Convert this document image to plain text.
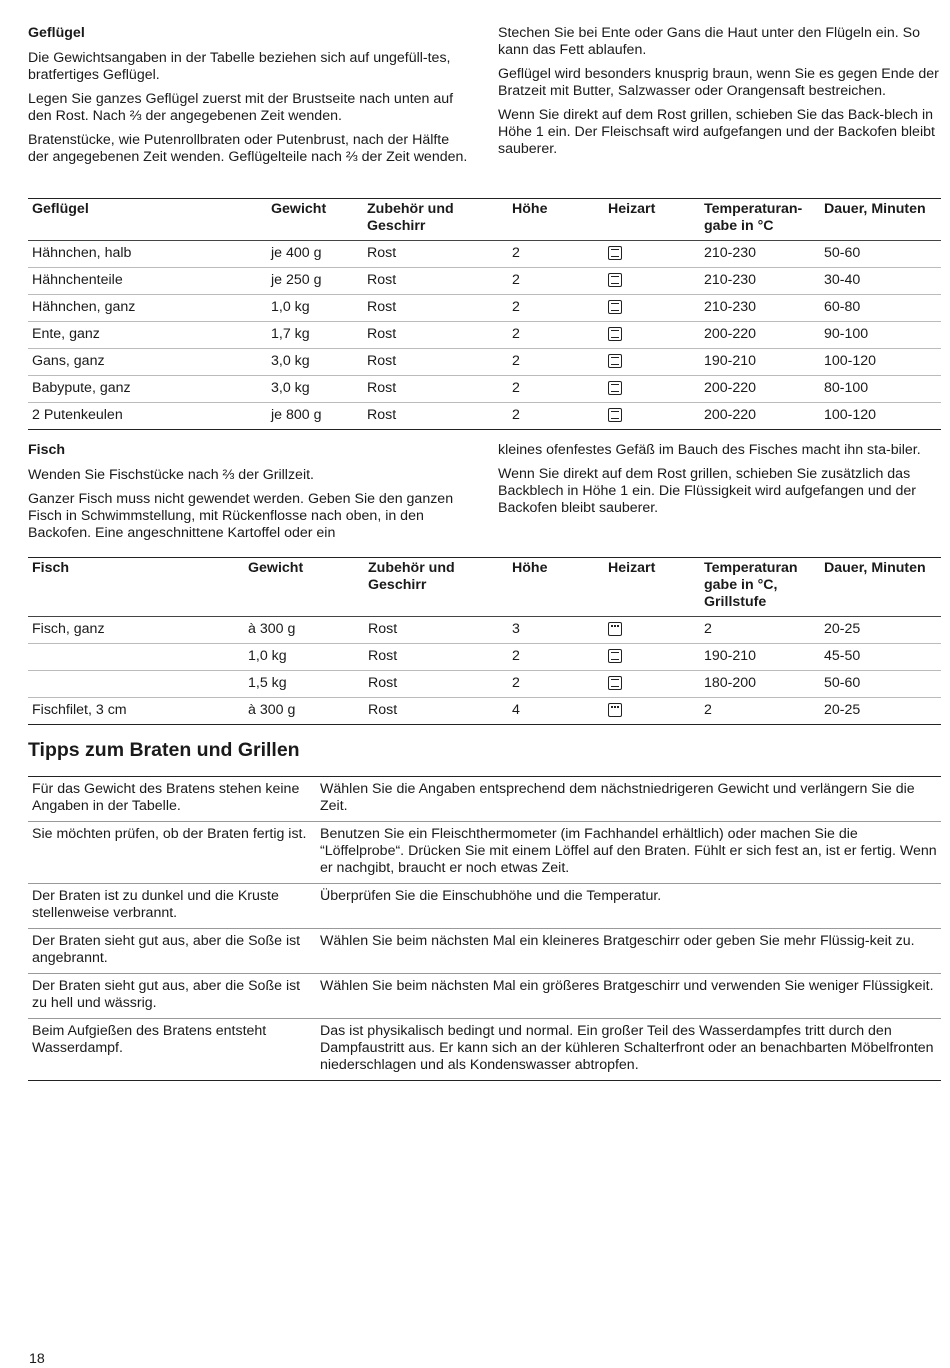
Geflügel

Die Gewichtsangaben in der Tabelle beziehen sich auf ungefüll-tes, bratfertiges Geflügel.

Legen Sie ganzes Geflügel zuerst mit der Brustseite nach unten auf den Rost. Nach ⅔ der angegebenen Zeit wenden.

Bratenstücke, wie Putenrollbraten oder Putenbrust, nach der Hälfte der angegebenen Zeit wenden. Geflügelteile nach ⅔ der Zeit wenden.

Stechen Sie bei Ente oder Gans die Haut unter den Flügeln ein. So kann das Fett ablaufen.

Geflügel wird besonders knusprig braun, wenn Sie es gegen Ende der Bratzeit mit Butter, Salzwasser oder Orangensaft bestreichen.

Wenn Sie direkt auf dem Rost grillen, schieben Sie das Back-blech in Höhe 1 ein. Der Fleischsaft wird aufgefangen und der Backofen bleibt sauberer.

Geflügel	Gewicht	Zubehör und Geschirr	Höhe	Heizart	Temperaturan-gabe in °C	Dauer, Minuten
Hähnchen, halb	je 400 g	Rost	2		210-230	50-60
Hähnchenteile	je 250 g	Rost	2		210-230	30-40
Hähnchen, ganz	1,0 kg	Rost	2		210-230	60-80
Ente, ganz	1,7 kg	Rost	2		200-220	90-100
Gans, ganz	3,0 kg	Rost	2		190-210	100-120
Babypute, ganz	3,0 kg	Rost	2		200-220	80-100
2 Putenkeulen	je 800 g	Rost	2		200-220	100-120

Fisch

Wenden Sie Fischstücke nach ⅔ der Grillzeit.

Ganzer Fisch muss nicht gewendet werden. Geben Sie den ganzen Fisch in Schwimmstellung, mit Rückenflosse nach oben, in den Backofen. Eine angeschnittene Kartoffel oder ein

kleines ofenfestes Gefäß im Bauch des Fisches macht ihn sta-biler.

Wenn Sie direkt auf dem Rost grillen, schieben Sie zusätzlich das Backblech in Höhe 1 ein. Die Flüssigkeit wird aufgefangen und der Backofen bleibt sauberer.

Fisch	Gewicht	Zubehör und Geschirr	Höhe	Heizart	Temperaturan gabe in °C, Grillstufe	Dauer, Minuten
Fisch, ganz	à 300 g	Rost	3		2	20-25
	1,0 kg	Rost	2		190-210	45-50
	1,5 kg	Rost	2		180-200	50-60
Fischfilet, 3 cm	à 300 g	Rost	4		2	20-25
Tipps zum Braten und Grillen
Für das Gewicht des Bratens stehen keine Angaben in der Tabelle.	Wählen Sie die Angaben entsprechend dem nächstniedrigeren Gewicht und verlängern Sie die Zeit.
Sie möchten prüfen, ob der Braten fertig ist.	Benutzen Sie ein Fleischthermometer (im Fachhandel erhältlich) oder machen Sie die “Löffelprobe“. Drücken Sie mit einem Löffel auf den Braten. Fühlt er sich fest an, ist er fertig. Wenn er nachgibt, braucht er noch etwas Zeit.
Der Braten ist zu dunkel und die Kruste stellenweise verbrannt.	Überprüfen Sie die Einschubhöhe und die Temperatur.
Der Braten sieht gut aus, aber die Soße ist angebrannt.	Wählen Sie beim nächsten Mal ein kleineres Bratgeschirr oder geben Sie mehr Flüssig-keit zu.
Der Braten sieht gut aus, aber die Soße ist zu hell und wässrig.	Wählen Sie beim nächsten Mal ein größeres Bratgeschirr und verwenden Sie weniger Flüssigkeit.
Beim Aufgießen des Bratens entsteht Wasserdampf.	Das ist physikalisch bedingt und normal. Ein großer Teil des Wasserdampfes tritt durch den Dampfaustritt aus. Er kann sich an der kühleren Schalterfront oder an benachbarten Möbelfronten niederschlagen und als Kondenswasser abtropfen.
18
